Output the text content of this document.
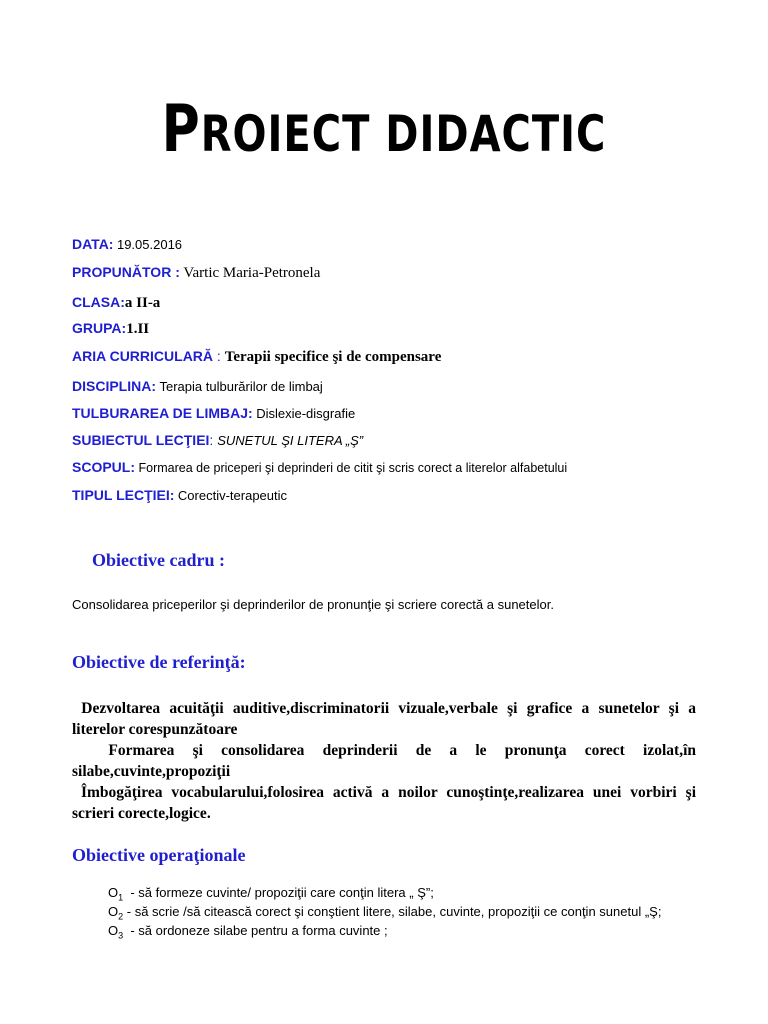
PROIECT DIDACTIC
DATA: 19.05.2016
PROPUNĂTOR : Vartic Maria-Petronela
CLASA:a II-a
GRUPA:1.II
ARIA CURRICULARĂ : Terapii specifice şi de compensare
DISCIPLINA: Terapia tulburărilor de limbaj
TULBURAREA DE LIMBAJ: Dislexie-disgrafie
SUBIECTUL LECŢIEI: SUNETUL ŞI LITERA „Ş”
SCOPUL: Formarea de priceperi şi deprinderi de citit şi scris corect a literelor alfabetului
TIPUL LECŢIEI: Corectiv-terapeutic
Obiective cadru :
Consolidarea priceperilor şi deprinderilor de pronunţie şi scriere corectă a sunetelor.
Obiective de referinţă:
Dezvoltarea acuităţii auditive,discriminatorii vizuale,verbale şi grafice a sunetelor şi a literelor corespunzătoare
Formarea şi consolidarea deprinderii de a le pronunţa corect izolat,în silabe,cuvinte,propoziţii
Îmbogăţirea vocabularului,folosirea activă a noilor cunoştinţe,realizarea unei vorbiri şi scrieri corecte,logice.
Obiective operaţionale
$O_1$  - să formeze cuvinte/ propoziţii care conţin litera „ Ş”;
$O_2$ - să scrie /să citească corect şi conştient litere, silabe, cuvinte, propoziţii ce conţin sunetul „Ş;
$O_3$  - să ordoneze silabe pentru a forma cuvinte ;
